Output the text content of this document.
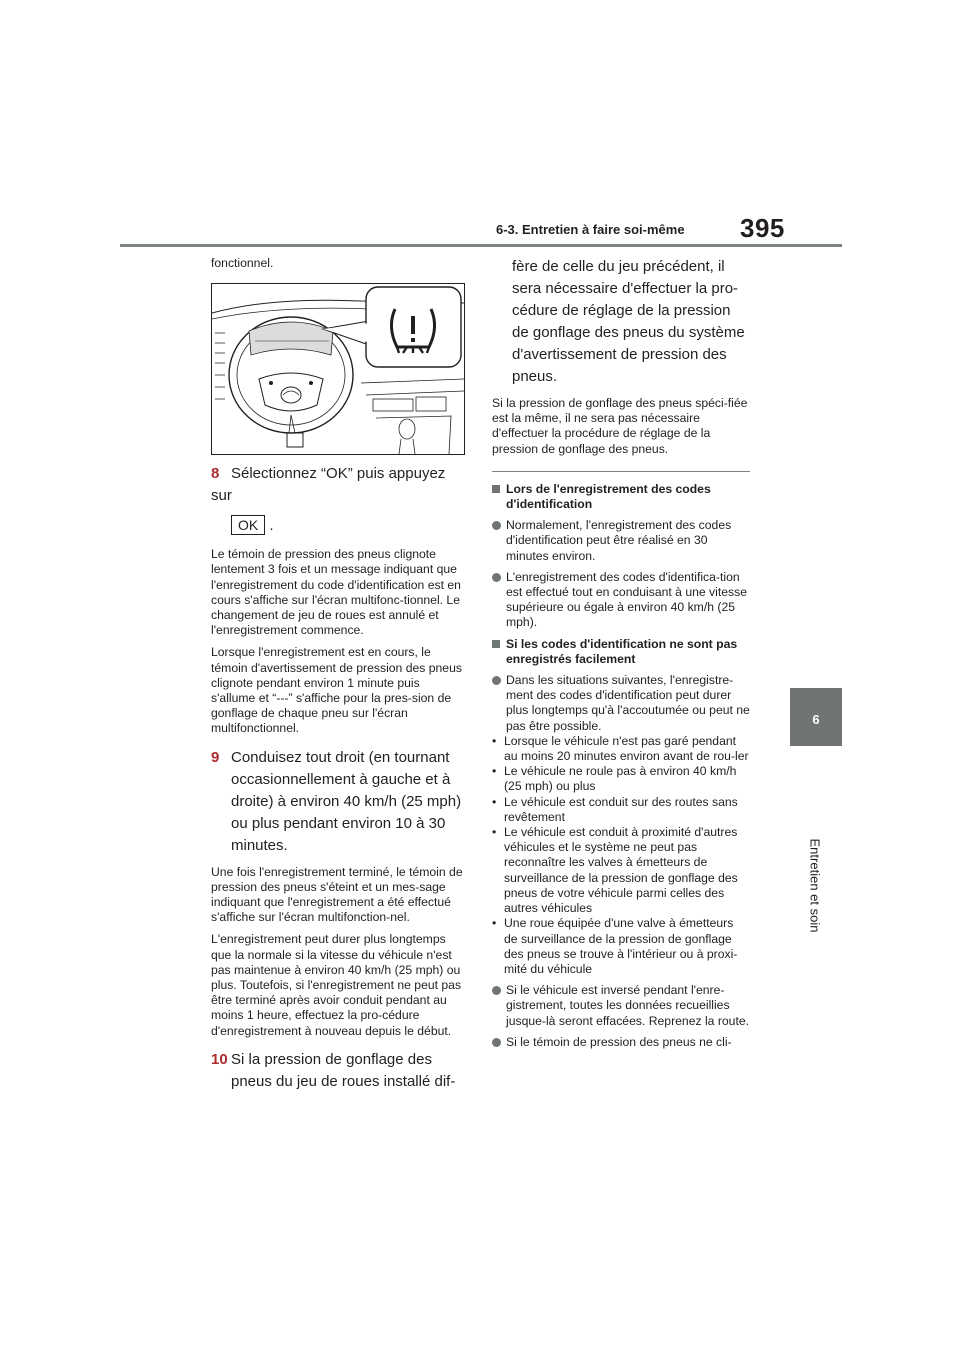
6-3. Entretien à faire soi-même 395
6
Entretien et soin

fonctionnel.

8 Sélectionnez “OK” puis appuyez sur
OK .

Le témoin de pression des pneus clignote lentement 3 fois et un message indiquant que l'enregistrement du code d'identification est en cours s'affiche sur l'écran multifonc-tionnel. Le changement de jeu de roues est annulé et l'enregistrement commence.

Lorsque l'enregistrement est en cours, le témoin d'avertissement de pression des pneus clignote pendant environ 1 minute puis s'allume et “---” s'affiche pour la pres-sion de gonflage de chaque pneu sur l'écran multifonctionnel.

9 Conduisez tout droit (en tournant
occasionnellement à gauche et à droite) à environ 40 km/h (25 mph) ou plus pendant environ 10 à 30 minutes.

Une fois l'enregistrement terminé, le témoin de pression des pneus s'éteint et un mes-sage indiquant que l'enregistrement a été effectué s'affiche sur l'écran multifonction-nel.

L'enregistrement peut durer plus longtemps que la normale si la vitesse du véhicule n'est pas maintenue à environ 40 km/h (25 mph) ou plus. Toutefois, si l'enregistrement ne peut pas être terminé après avoir conduit pendant au moins 1 heure, effectuez la pro-cédure d'enregistrement à nouveau depuis le début.

10 Si la pression de gonflage des
pneus du jeu de roues installé dif-
fère de celle du jeu précédent, il sera nécessaire d'effectuer la pro-cédure de réglage de la pression de gonflage des pneus du système d'avertissement de pression des pneus.

Si la pression de gonflage des pneus spéci-fiée est la même, il ne sera pas nécessaire d'effectuer la procédure de réglage de la pression de gonflage des pneus.

Lors de l'enregistrement des codes d'identification
Normalement, l'enregistrement des codes d'identification peut être réalisé en 30 minutes environ.
L'enregistrement des codes d'identifica-tion est effectué tout en conduisant à une vitesse supérieure ou égale à environ 40 km/h (25 mph).
Si les codes d'identification ne sont pas enregistrés facilement
Dans les situations suivantes, l'enregistre-ment des codes d'identification peut durer plus longtemps qu'à l'accoutumée ou peut ne pas être possible.
• Lorsque le véhicule n'est pas garé pendant au moins 20 minutes environ avant de rou-ler
• Le véhicule ne roule pas à environ 40 km/h (25 mph) ou plus
• Le véhicule est conduit sur des routes sans revêtement
• Le véhicule est conduit à proximité d'autres véhicules et le système ne peut pas reconnaître les valves à émetteurs de surveillance de la pression de gonflage des pneus de votre véhicule parmi celles des autres véhicules
• Une roue équipée d'une valve à émetteurs de surveillance de la pression de gonflage des pneus se trouve à l'intérieur ou à proxi-mité du véhicule
Si le véhicule est inversé pendant l'enre-gistrement, toutes les données recueillies jusque-là seront effacées. Reprenez la route.
Si le témoin de pression des pneus ne cli-
